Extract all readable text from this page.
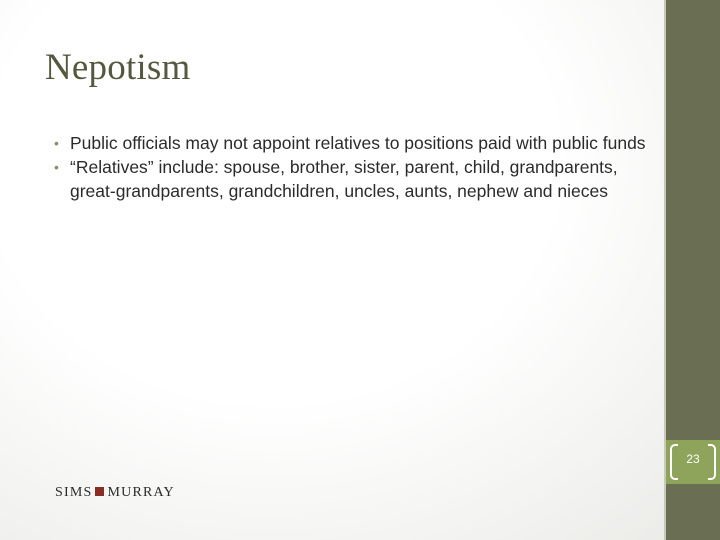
Nepotism
• Public officials may not appoint relatives to positions paid with public funds
• “Relatives” include: spouse, brother, sister, parent, child, grandparents, great-grandparents, grandchildren, uncles, aunts, nephew and nieces
23
SIMS MURRAY
